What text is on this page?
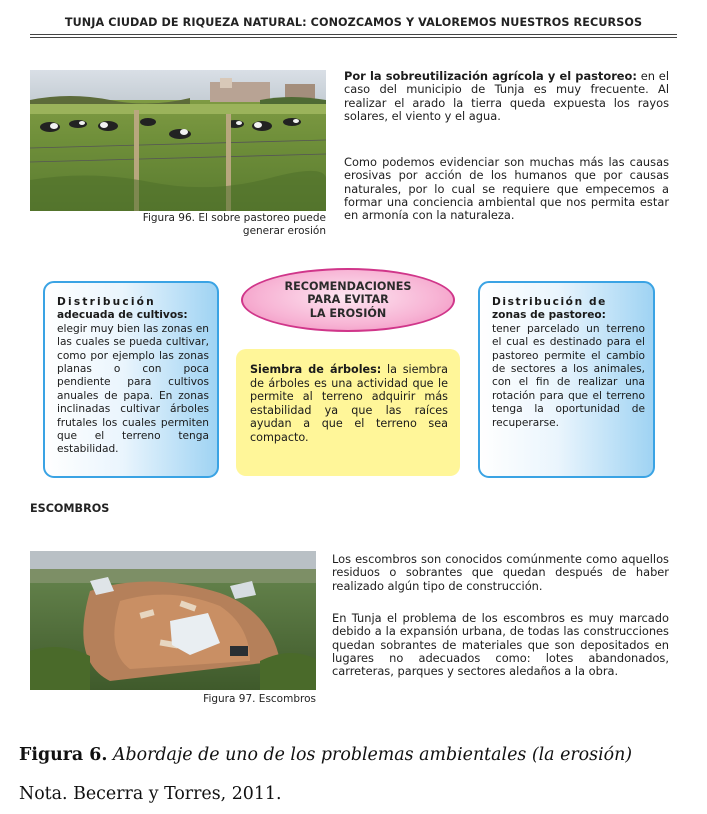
TUNJA CIUDAD DE RIQUEZA NATURAL: CONOZCAMOS Y VALOREMOS NUESTROS RECURSOS
Figura 96. El sobre pastoreo puede
generar erosión
Por la sobreutilización agrícola y el pastoreo: en el caso del municipio de Tunja es muy frecuente. Al realizar el arado la tierra queda expuesta los rayos solares, el viento y el agua.
Como podemos evidenciar son muchas más las causas erosivas por acción de los humanos que por causas naturales, por lo cual se requiere que empecemos a formar una conciencia ambiental que nos permita estar en armonía con la naturaleza.
Distribución
adecuada de cultivos:
elegir muy bien las zonas en las cuales se pueda cultivar, como por ejemplo las zonas planas o con poca pendiente para cultivos anuales de papa. En zonas inclinadas cultivar árboles frutales los cuales permiten que el terreno tenga estabilidad.
RECOMENDACIONES
PARA EVITAR
LA EROSIÓN
Siembra de árboles: la siembra de árboles es una actividad que le permite al terreno adquirir más estabilidad ya que las raíces ayudan a que el terreno sea compacto.
Distribución de
zonas de pastoreo:
tener parcelado un terreno el cual es destinado para el pastoreo permite el cambio de sectores a los animales, con el fin de realizar una rotación para que el terreno tenga la oportunidad de recuperarse.
ESCOMBROS
Figura 97. Escombros
Los escombros son conocidos comúnmente como aquellos residuos o sobrantes que quedan después de haber realizado algún tipo de construcción.
En Tunja el problema de los escombros es muy marcado debido a la expansión urbana, de todas las construcciones quedan sobrantes de materiales que son depositados en lugares no adecuados como: lotes abandonados, carreteras, parques y sectores aledaños a la obra.
Figura 6. Abordaje de uno de los problemas ambientales (la erosión)
Nota. Becerra y Torres, 2011.
